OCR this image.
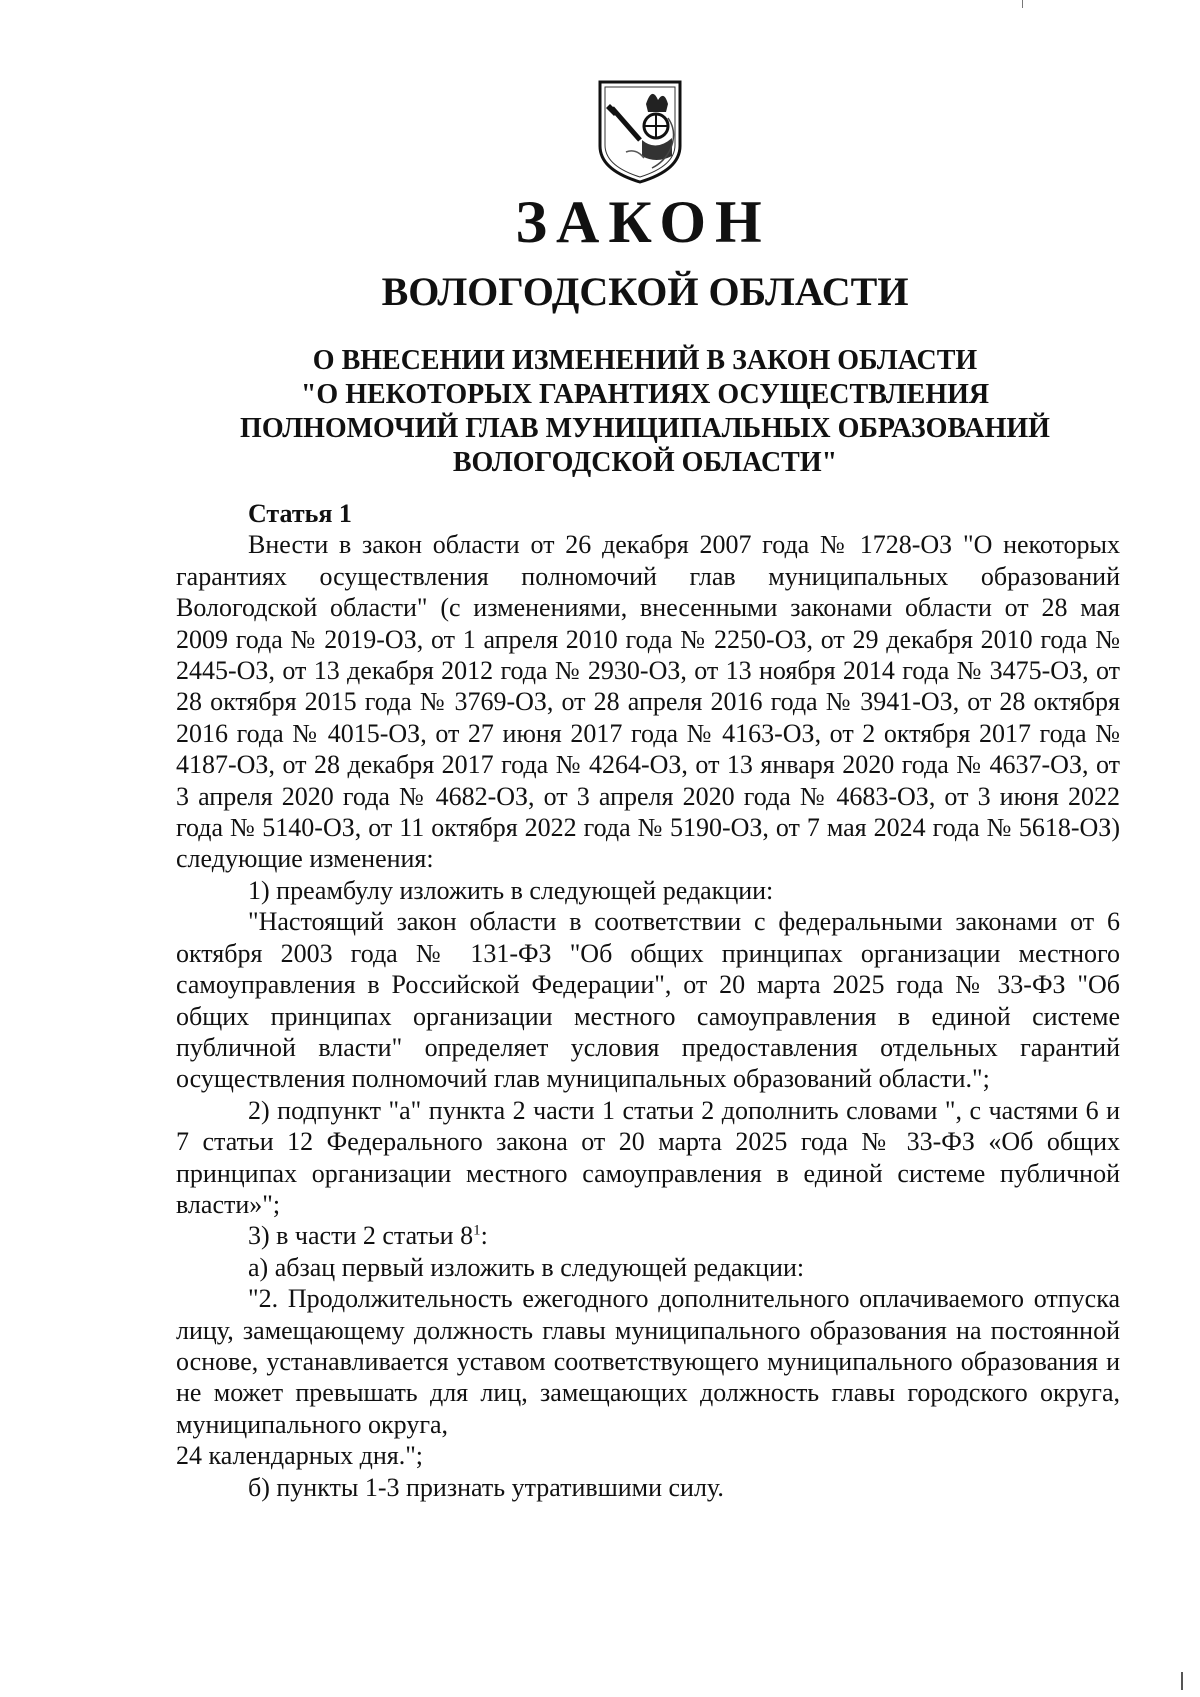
ЗАКОН
ВОЛОГОДСКОЙ ОБЛАСТИ
О ВНЕСЕНИИ ИЗМЕНЕНИЙ В ЗАКОН ОБЛАСТИ
"О НЕКОТОРЫХ ГАРАНТИЯХ ОСУЩЕСТВЛЕНИЯ
ПОЛНОМОЧИЙ ГЛАВ МУНИЦИПАЛЬНЫХ ОБРАЗОВАНИЙ
ВОЛОГОДСКОЙ ОБЛАСТИ"
Статья 1
Внести в закон области от 26 декабря 2007 года № 1728-ОЗ "О некоторых гарантиях осуществления полномочий глав муниципальных образований Вологодской области" (с изменениями, внесенными законами области от 28 мая 2009 года № 2019-ОЗ, от 1 апреля 2010 года № 2250-ОЗ, от 29 декабря 2010 года № 2445-ОЗ, от 13 декабря 2012 года № 2930-ОЗ, от 13 ноября 2014 года № 3475-ОЗ, от 28 октября 2015 года № 3769-ОЗ, от 28 апреля 2016 года № 3941-ОЗ, от 28 октября 2016 года № 4015-ОЗ, от 27 июня 2017 года № 4163-ОЗ, от 2 октября 2017 года № 4187-ОЗ, от 28 декабря 2017 года № 4264-ОЗ, от 13 января 2020 года № 4637-ОЗ, от 3 апреля 2020 года № 4682-ОЗ, от 3 апреля 2020 года № 4683-ОЗ, от 3 июня 2022 года № 5140-ОЗ, от 11 октября 2022 года № 5190-ОЗ, от 7 мая 2024 года № 5618-ОЗ) следующие изменения:
1) преамбулу изложить в следующей редакции:
"Настоящий закон области в соответствии с федеральными законами от 6 октября 2003 года № 131-ФЗ "Об общих принципах организации местного самоуправления в Российской Федерации", от 20 марта 2025 года № 33-ФЗ "Об общих принципах организации местного самоуправления в единой системе публичной власти" определяет условия предоставления отдельных гарантий осуществления полномочий глав муниципальных образований области.";
2) подпункт "а" пункта 2 части 1 статьи 2 дополнить словами ", с частями 6 и 7 статьи 12 Федерального закона от 20 марта 2025 года № 33-ФЗ «Об общих принципах организации местного самоуправления в единой системе публичной власти»";
3) в части 2 статьи $8^1$:
а) абзац первый изложить в следующей редакции:
"2. Продолжительность ежегодного дополнительного оплачиваемого отпуска лицу, замещающему должность главы муниципального образования на постоянной основе, устанавливается уставом соответствующего муниципального образования и не может превышать для лиц, замещающих должность главы городского округа, муниципального округа,
24 календарных дня.";
б) пункты 1-3 признать утратившими силу.
